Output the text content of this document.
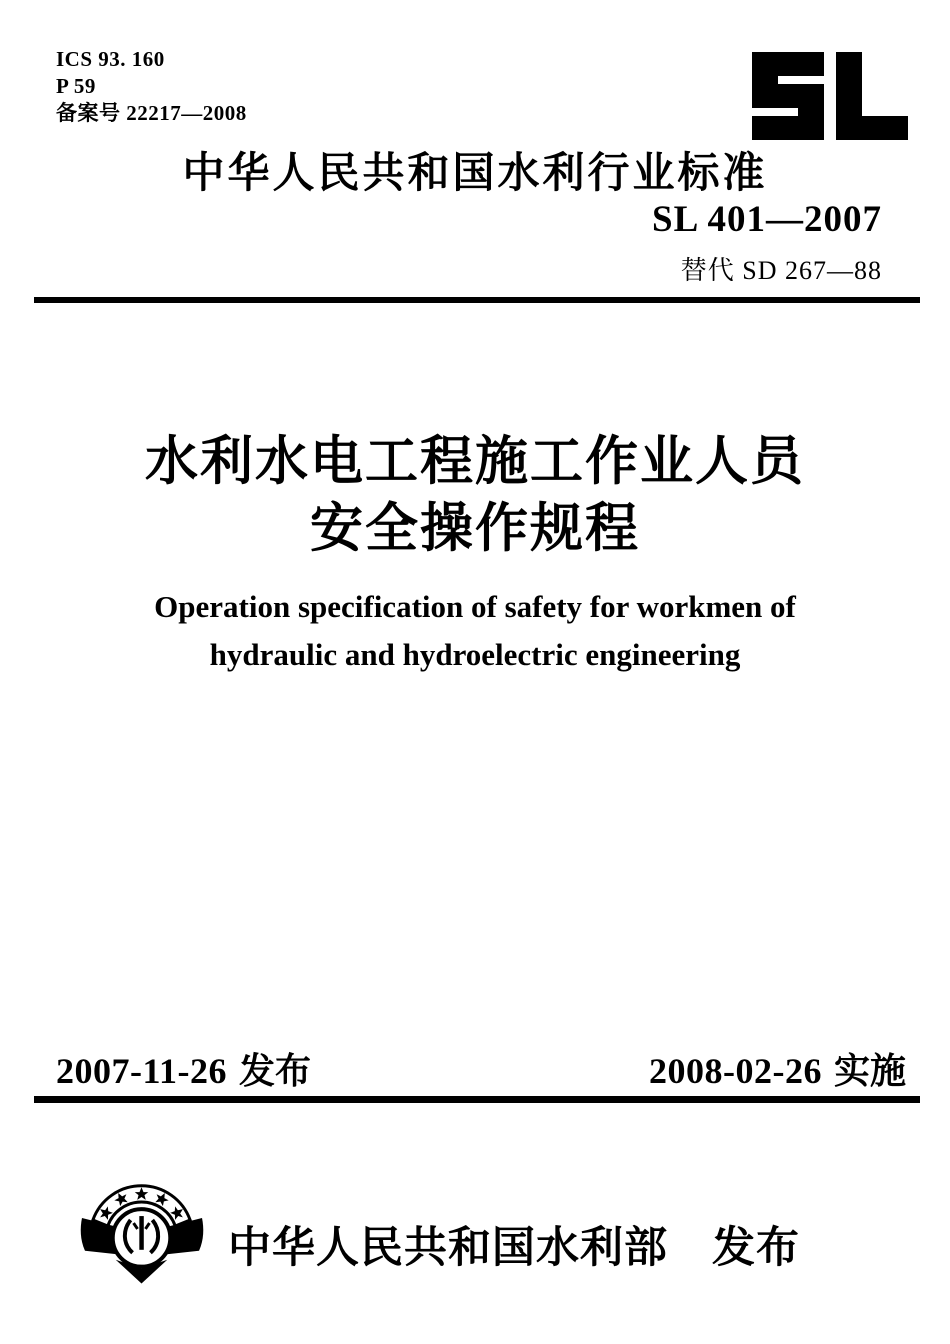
ICS 93. 160
P 59
备案号 22217—2008
中华人民共和国水利行业标准
SL 401—2007
替代 SD 267—88
水利水电工程施工作业人员
安全操作规程
Operation specification of safety for workmen of
hydraulic and hydroelectric engineering
2007-11-26 发布	2008-02-26 实施
中华人民共和国水利部 发布
